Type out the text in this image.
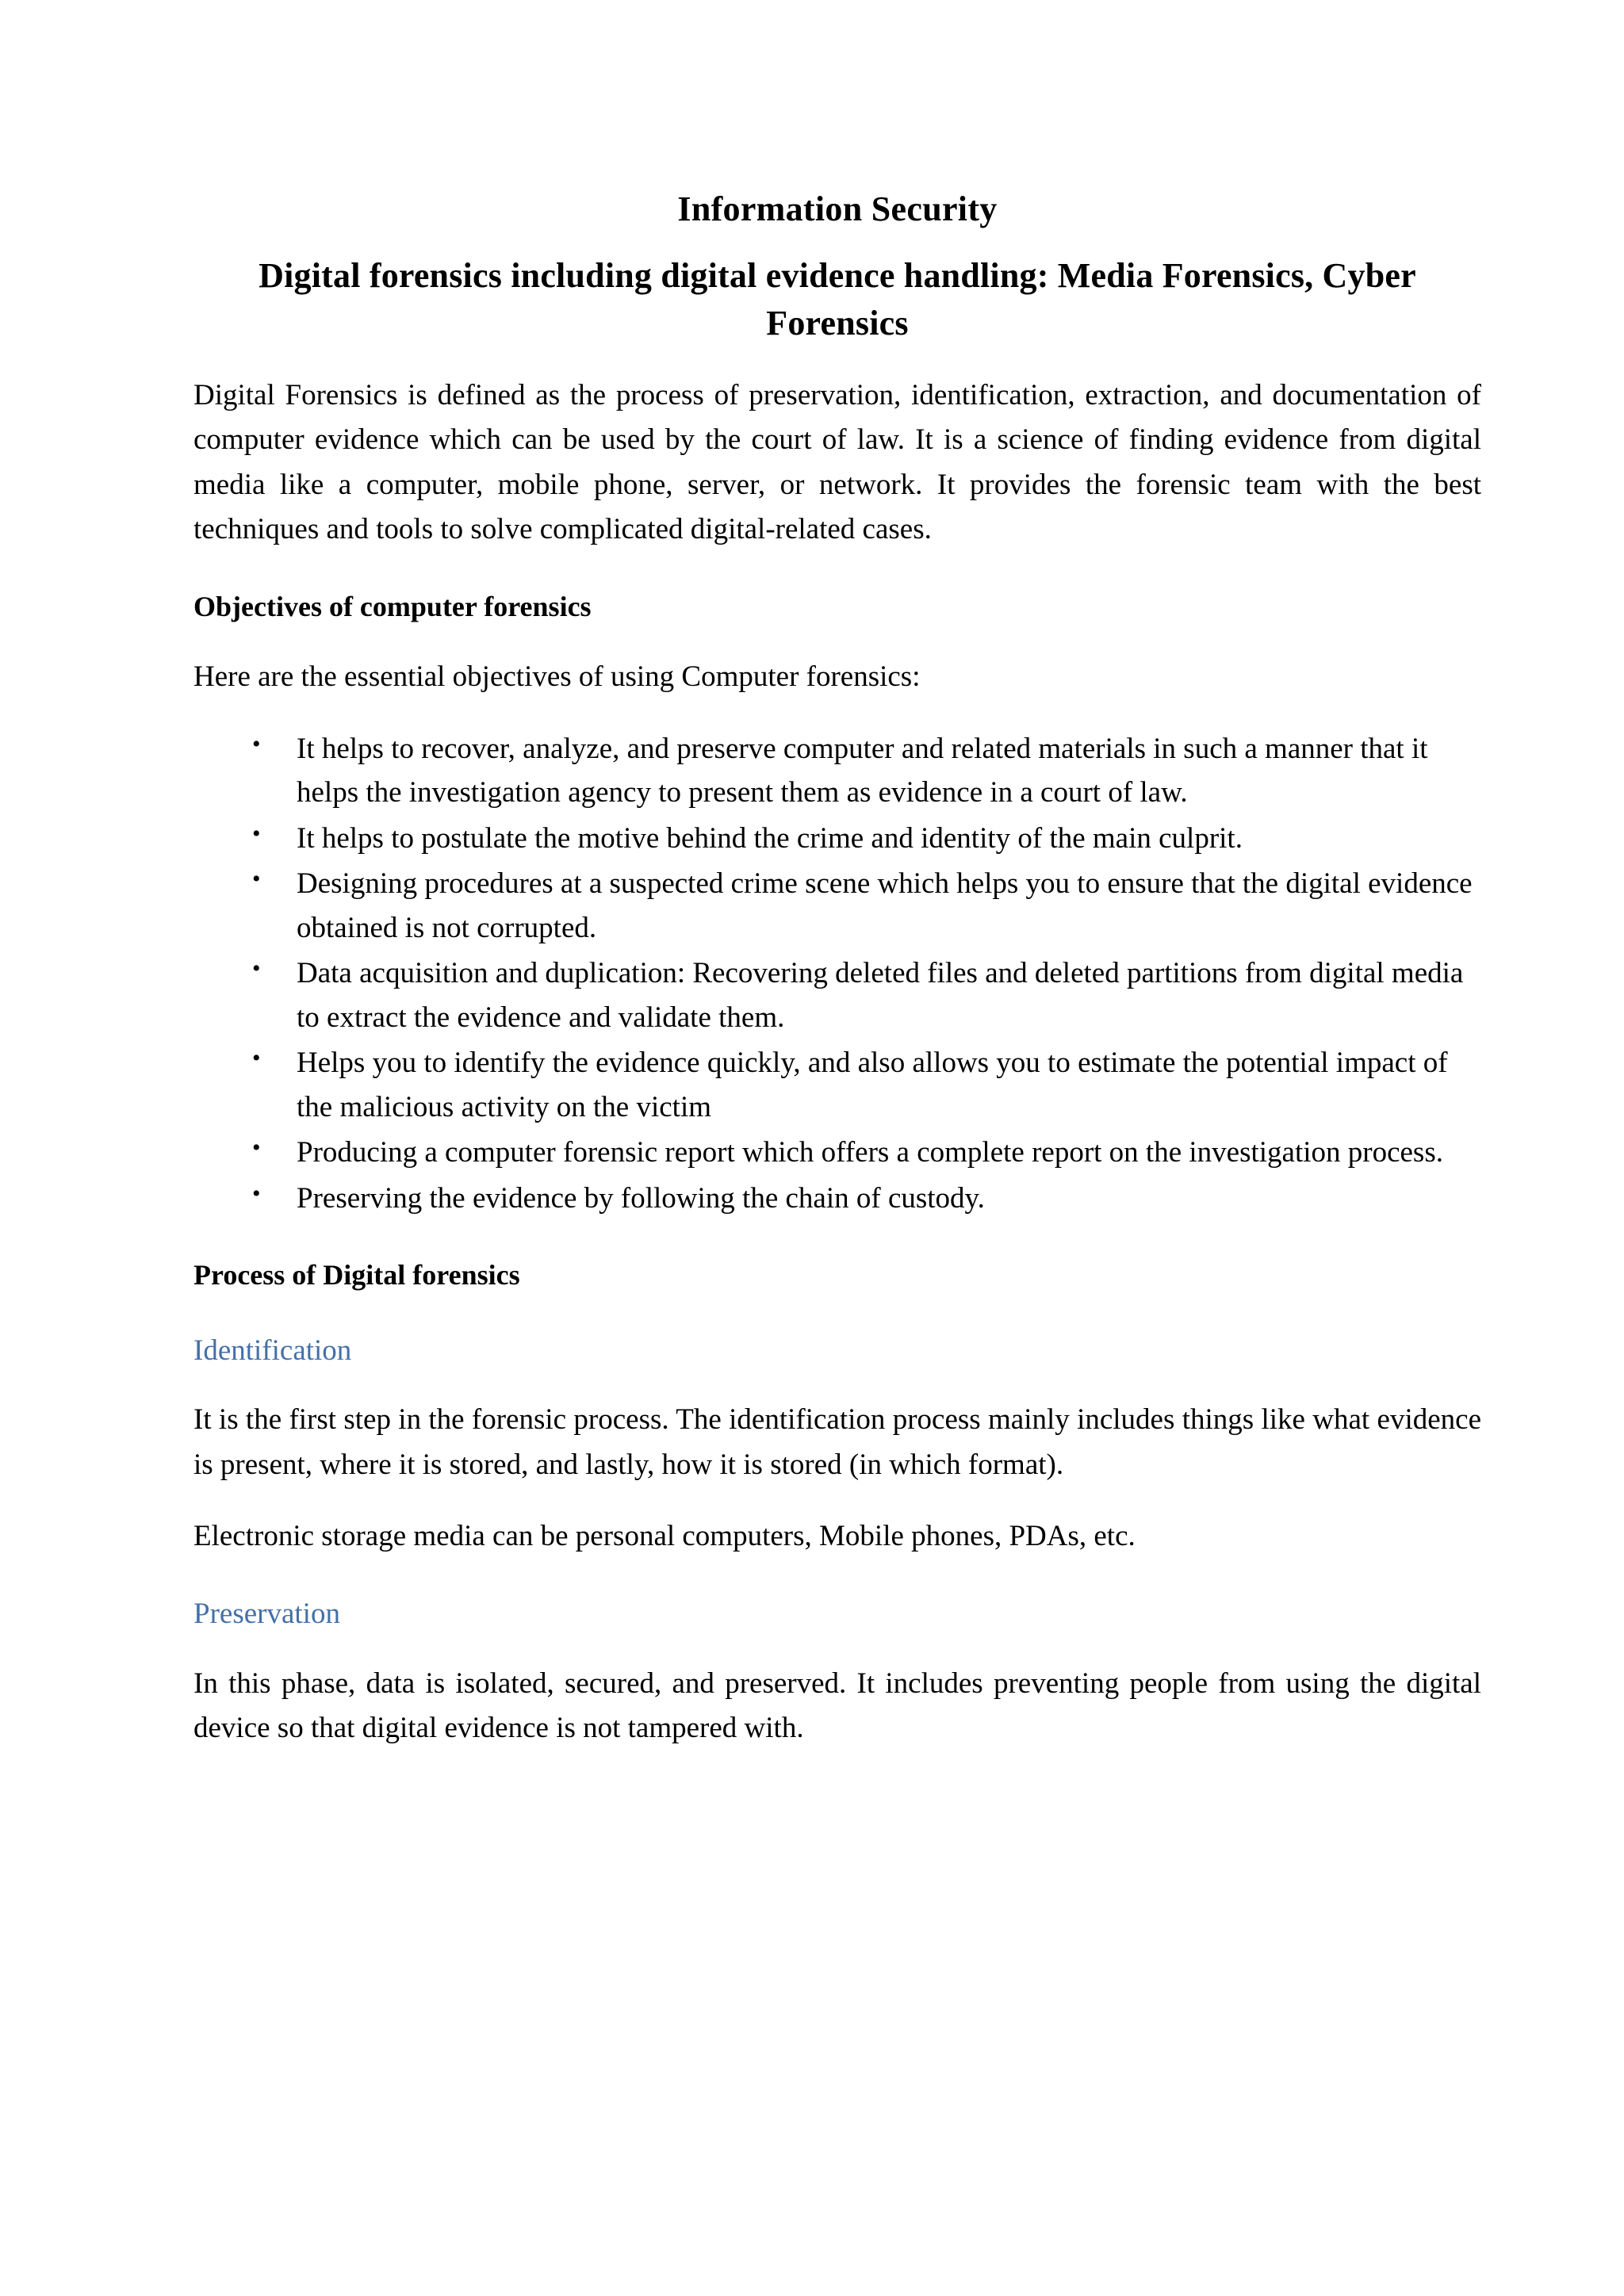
Information Security
Digital forensics including digital evidence handling: Media Forensics, Cyber Forensics

Digital Forensics is defined as the process of preservation, identification, extraction, and documentation of computer evidence which can be used by the court of law. It is a science of finding evidence from digital media like a computer, mobile phone, server, or network. It provides the forensic team with the best techniques and tools to solve complicated digital-related cases.

Objectives of computer forensics

Here are the essential objectives of using Computer forensics:

• It helps to recover, analyze, and preserve computer and related materials in such a manner that it helps the investigation agency to present them as evidence in a court of law.
• It helps to postulate the motive behind the crime and identity of the main culprit.
• Designing procedures at a suspected crime scene which helps you to ensure that the digital evidence obtained is not corrupted.
• Data acquisition and duplication: Recovering deleted files and deleted partitions from digital media to extract the evidence and validate them.
• Helps you to identify the evidence quickly, and also allows you to estimate the potential impact of the malicious activity on the victim
• Producing a computer forensic report which offers a complete report on the investigation process.
• Preserving the evidence by following the chain of custody.
Process of Digital forensics
Identification

It is the first step in the forensic process. The identification process mainly includes things like what evidence is present, where it is stored, and lastly, how it is stored (in which format).

Electronic storage media can be personal computers, Mobile phones, PDAs, etc.

Preservation

In this phase, data is isolated, secured, and preserved. It includes preventing people from using the digital device so that digital evidence is not tampered with.
